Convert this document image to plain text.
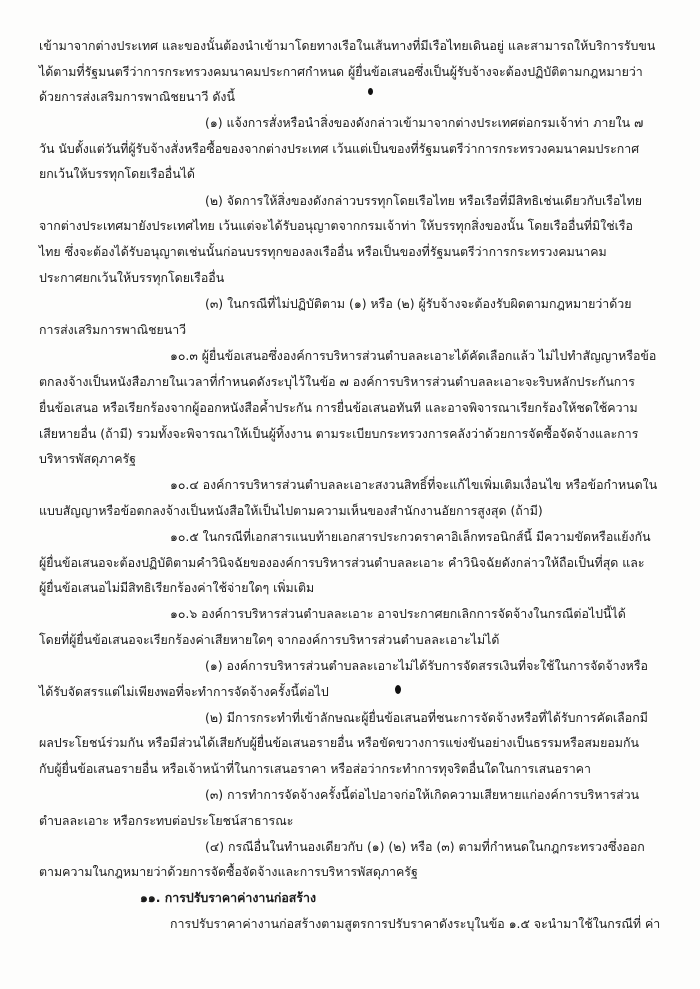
เข้ามาจากต่างประเทศ และของนั้นต้องนำเข้ามาโดยทางเรือในเส้นทางที่มีเรือไทยเดินอยู่ และสามารถให้บริการรับขน
ได้ตามที่รัฐมนตรีว่าการกระทรวงคมนาคมประกาศกำหนด ผู้ยื่นข้อเสนอซึ่งเป็นผู้รับจ้างจะต้องปฏิบัติตามกฎหมายว่า
ด้วยการส่งเสริมการพาณิชยนาวี ดังนี้
(๑) แจ้งการสั่งหรือนำสิ่งของดังกล่าวเข้ามาจากต่างประเทศต่อกรมเจ้าท่า ภายใน ๗
วัน นับตั้งแต่วันที่ผู้รับจ้างสั่งหรือซื้อของจากต่างประเทศ เว้นแต่เป็นของที่รัฐมนตรีว่าการกระทรวงคมนาคมประกาศ
ยกเว้นให้บรรทุกโดยเรืออื่นได้
(๒) จัดการให้สิ่งของดังกล่าวบรรทุกโดยเรือไทย หรือเรือที่มีสิทธิเช่นเดียวกับเรือไทย
จากต่างประเทศมายังประเทศไทย เว้นแต่จะได้รับอนุญาตจากกรมเจ้าท่า ให้บรรทุกสิ่งของนั้น โดยเรืออื่นที่มิใช่เรือ
ไทย ซึ่งจะต้องได้รับอนุญาตเช่นนั้นก่อนบรรทุกของลงเรืออื่น หรือเป็นของที่รัฐมนตรีว่าการกระทรวงคมนาคม
ประกาศยกเว้นให้บรรทุกโดยเรืออื่น
(๓) ในกรณีที่ไม่ปฏิบัติตาม (๑) หรือ (๒) ผู้รับจ้างจะต้องรับผิดตามกฎหมายว่าด้วย
การส่งเสริมการพาณิชยนาวี
๑๐.๓ ผู้ยื่นข้อเสนอซึ่งองค์การบริหารส่วนตำบลละเอาะได้คัดเลือกแล้ว ไม่ไปทำสัญญาหรือข้อ
ตกลงจ้างเป็นหนังสือภายในเวลาที่กำหนดดังระบุไว้ในข้อ ๗ องค์การบริหารส่วนตำบลละเอาะจะริบหลักประกันการ
ยื่นข้อเสนอ หรือเรียกร้องจากผู้ออกหนังสือค้ำประกัน การยื่นข้อเสนอทันที และอาจพิจารณาเรียกร้องให้ชดใช้ความ
เสียหายอื่น (ถ้ามี) รวมทั้งจะพิจารณาให้เป็นผู้ทิ้งงาน ตามระเบียบกระทรวงการคลังว่าด้วยการจัดซื้อจัดจ้างและการ
บริหารพัสดุภาครัฐ
๑๐.๔ องค์การบริหารส่วนตำบลละเอาะสงวนสิทธิ์ที่จะแก้ไขเพิ่มเติมเงื่อนไข หรือข้อกำหนดใน
แบบสัญญาหรือข้อตกลงจ้างเป็นหนังสือให้เป็นไปตามความเห็นของสำนักงานอัยการสูงสุด (ถ้ามี)
๑๐.๕ ในกรณีที่เอกสารแนบท้ายเอกสารประกวดราคาอิเล็กทรอนิกส์นี้ มีความขัดหรือแย้งกัน
ผู้ยื่นข้อเสนอจะต้องปฏิบัติตามคำวินิจฉัยขององค์การบริหารส่วนตำบลละเอาะ คำวินิจฉัยดังกล่าวให้ถือเป็นที่สุด และ
ผู้ยื่นข้อเสนอไม่มีสิทธิเรียกร้องค่าใช้จ่ายใดๆ เพิ่มเติม
๑๐.๖ องค์การบริหารส่วนตำบลละเอาะ อาจประกาศยกเลิกการจัดจ้างในกรณีต่อไปนี้ได้
โดยที่ผู้ยื่นข้อเสนอจะเรียกร้องค่าเสียหายใดๆ จากองค์การบริหารส่วนตำบลละเอาะไม่ได้
(๑) องค์การบริหารส่วนตำบลละเอาะไม่ได้รับการจัดสรรเงินที่จะใช้ในการจัดจ้างหรือ
ได้รับจัดสรรแต่ไม่เพียงพอที่จะทำการจัดจ้างครั้งนี้ต่อไป
(๒) มีการกระทำที่เข้าลักษณะผู้ยื่นข้อเสนอที่ชนะการจัดจ้างหรือที่ได้รับการคัดเลือกมี
ผลประโยชน์ร่วมกัน หรือมีส่วนได้เสียกับผู้ยื่นข้อเสนอรายอื่น หรือขัดขวางการแข่งขันอย่างเป็นธรรมหรือสมยอมกัน
กับผู้ยื่นข้อเสนอรายอื่น หรือเจ้าหน้าที่ในการเสนอราคา หรือส่อว่ากระทำการทุจริตอื่นใดในการเสนอราคา
(๓) การทำการจัดจ้างครั้งนี้ต่อไปอาจก่อให้เกิดความเสียหายแก่องค์การบริหารส่วน
ตำบลละเอาะ หรือกระทบต่อประโยชน์สาธารณะ
(๔) กรณีอื่นในทำนองเดียวกับ (๑) (๒) หรือ (๓) ตามที่กำหนดในกฎกระทรวงซึ่งออก
ตามความในกฎหมายว่าด้วยการจัดซื้อจัดจ้างและการบริหารพัสดุภาครัฐ
๑๑. การปรับราคาค่างานก่อสร้าง
การปรับราคาค่างานก่อสร้างตามสูตรการปรับราคาดังระบุในข้อ ๑.๕ จะนำมาใช้ในกรณีที่ ค่า
